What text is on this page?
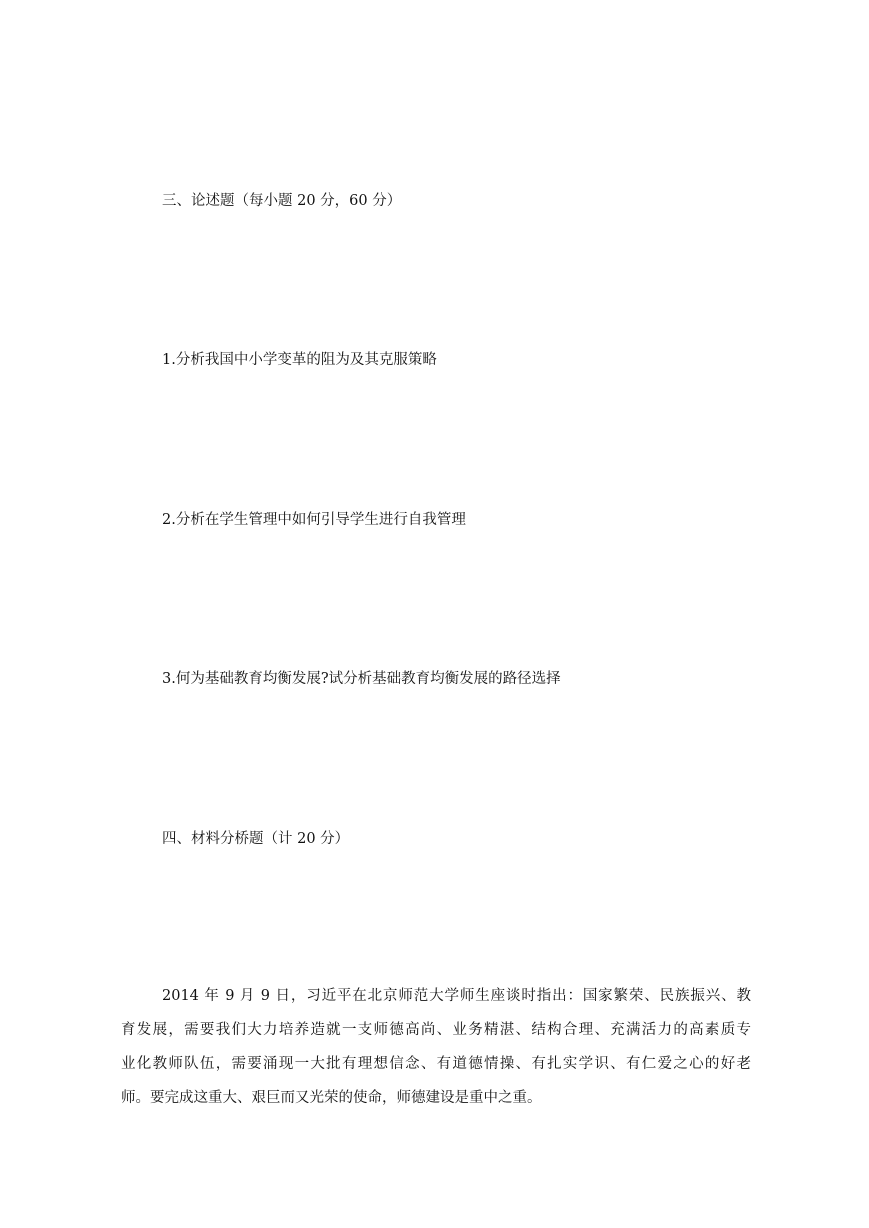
三、论述题（每小题 20 分，60 分）
1.分析我国中小学变革的阻为及其克服策略
2.分析在学生管理中如何引导学生进行自我管理
3.何为基础教育均衡发展?试分析基础教育均衡发展的路径选择
四、材料分桥题（计 20 分）
2014 年 9 月 9 日，习近平在北京师范大学师生座谈时指出：国家繁荣、民族振兴、教
育发展，需要我们大力培养造就一支师德高尚、业务精湛、结构合理、充满活力的高素质专
业化教师队伍，需要涌现一大批有理想信念、有道德情操、有扎实学识、有仁爱之心的好老
师。要完成这重大、艰巨而又光荣的使命，师德建设是重中之重。
